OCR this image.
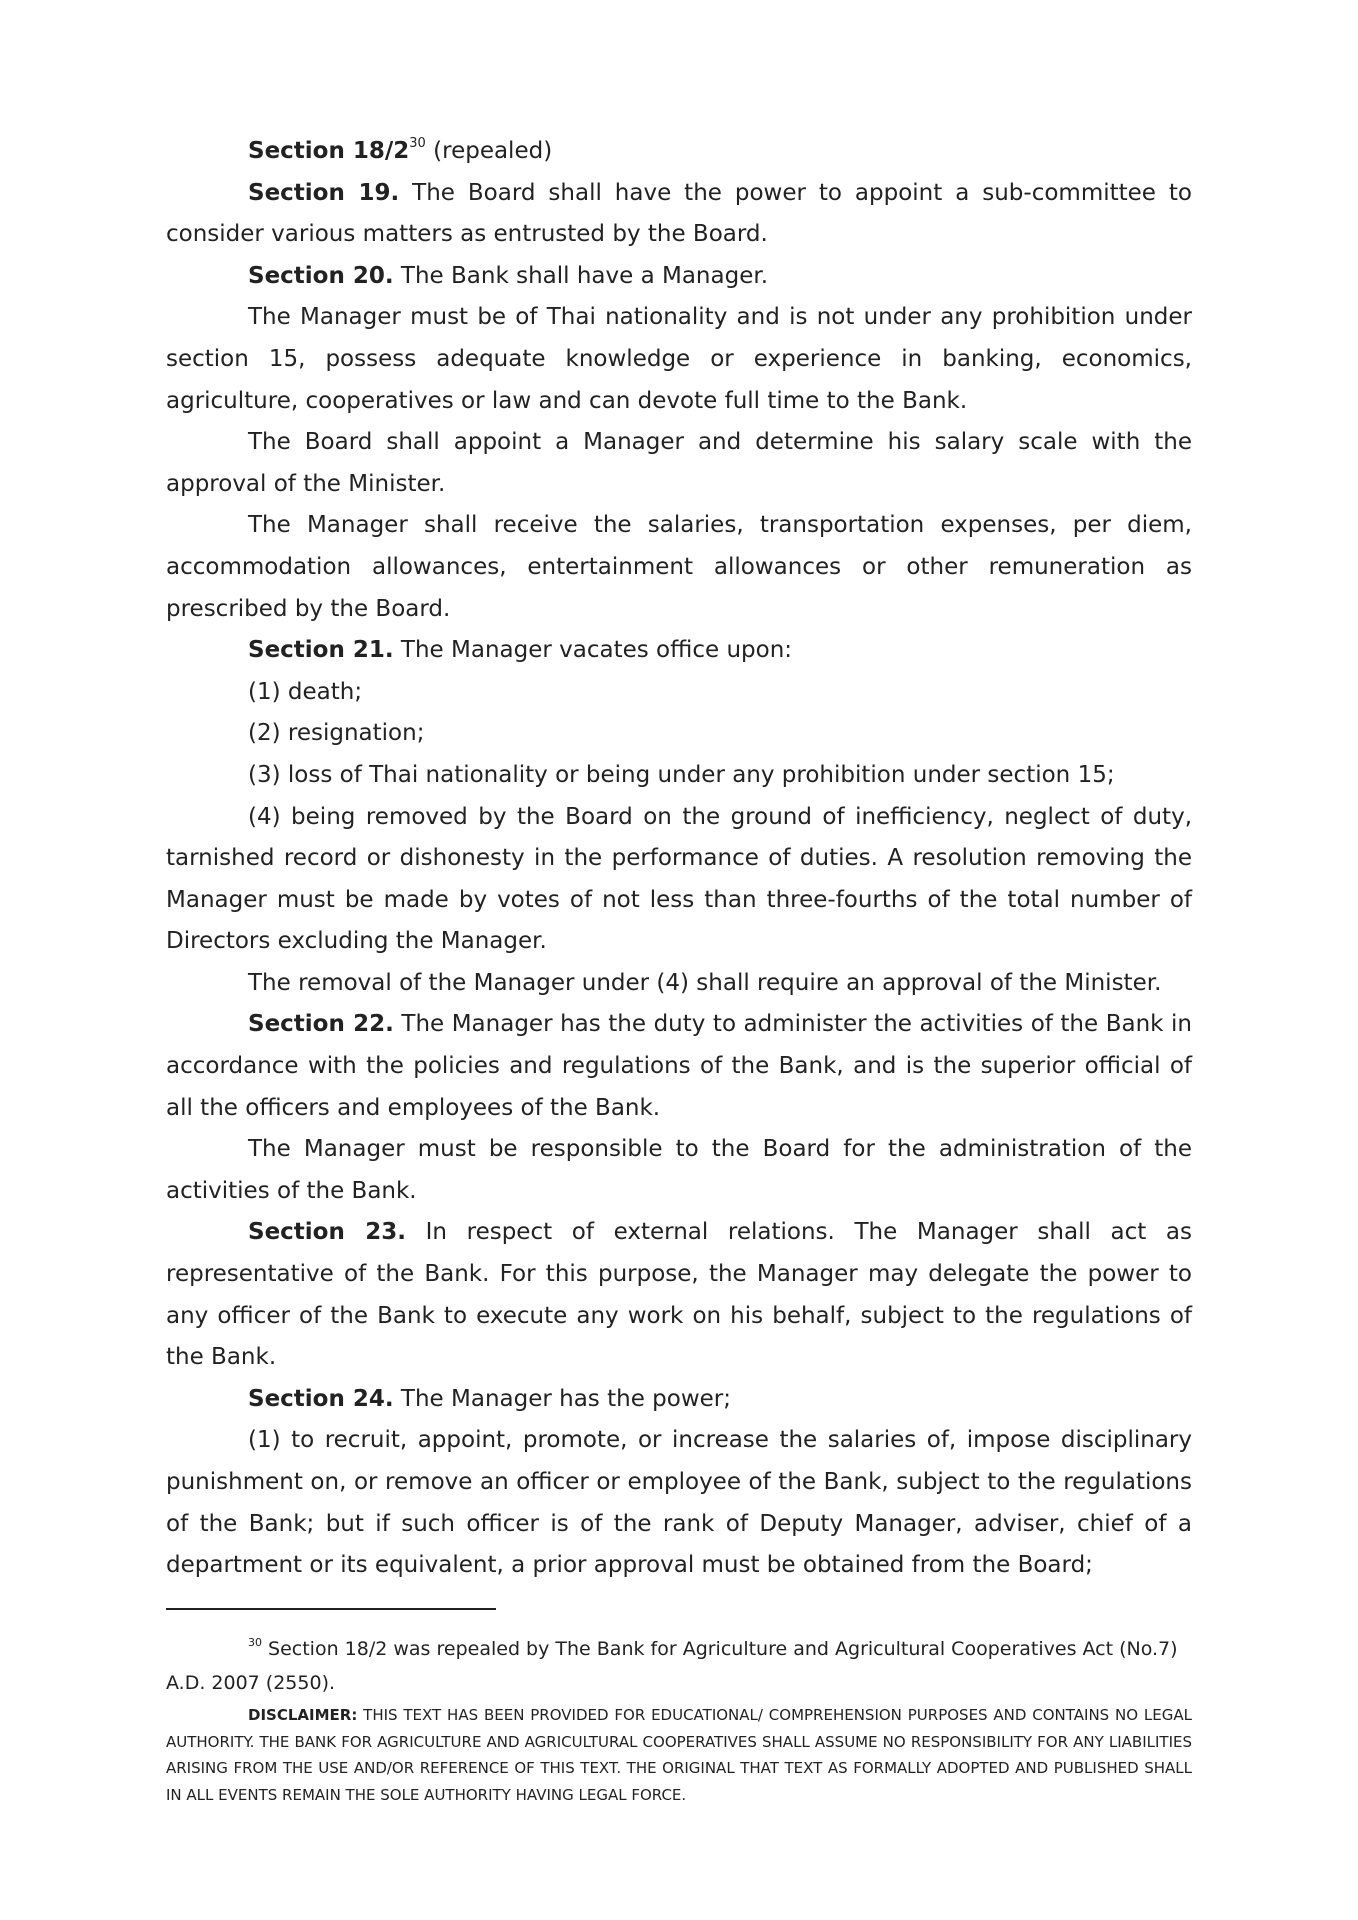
Section 18/2$^{30}$ (repealed)

Section 19. The Board shall have the power to appoint a sub-committee to consider various matters as entrusted by the Board.

Section 20. The Bank shall have a Manager.

The Manager must be of Thai nationality and is not under any prohibition under section 15, possess adequate knowledge or experience in banking, economics, agriculture, cooperatives or law and can devote full time to the Bank.

The Board shall appoint a Manager and determine his salary scale with the approval of the Minister.

The Manager shall receive the salaries, transportation expenses, per diem, accommodation allowances, entertainment allowances or other remuneration as prescribed by the Board.

Section 21. The Manager vacates office upon:

(1) death;

(2) resignation;

(3) loss of Thai nationality or being under any prohibition under section 15;

(4) being removed by the Board on the ground of inefficiency, neglect of duty, tarnished record or dishonesty in the performance of duties. A resolution removing the Manager must be made by votes of not less than three-fourths of the total number of Directors excluding the Manager.

The removal of the Manager under (4) shall require an approval of the Minister.

Section 22. The Manager has the duty to administer the activities of the Bank in accordance with the policies and regulations of the Bank, and is the superior official of all the officers and employees of the Bank.

The Manager must be responsible to the Board for the administration of the activities of the Bank.

Section 23. In respect of external relations. The Manager shall act as representative of the Bank. For this purpose, the Manager may delegate the power to any officer of the Bank to execute any work on his behalf, subject to the regulations of the Bank.

Section 24. The Manager has the power;

(1) to recruit, appoint, promote, or increase the salaries of, impose disciplinary punishment on, or remove an officer or employee of the Bank, subject to the regulations of the Bank; but if such officer is of the rank of Deputy Manager, adviser, chief of a department or its equivalent, a prior approval must be obtained from the Board;

$^{30}$ Section 18/2 was repealed by The Bank for Agriculture and Agricultural Cooperatives Act (No.7) A.D. 2007 (2550).

DISCLAIMER: THIS TEXT HAS BEEN PROVIDED FOR EDUCATIONAL/ COMPREHENSION PURPOSES AND CONTAINS NO LEGAL AUTHORITY. THE BANK FOR AGRICULTURE AND AGRICULTURAL COOPERATIVES SHALL ASSUME NO RESPONSIBILITY FOR ANY LIABILITIES ARISING FROM THE USE AND/OR REFERENCE OF THIS TEXT. THE ORIGINAL THAT TEXT AS FORMALLY ADOPTED AND PUBLISHED SHALL IN ALL EVENTS REMAIN THE SOLE AUTHORITY HAVING LEGAL FORCE.
